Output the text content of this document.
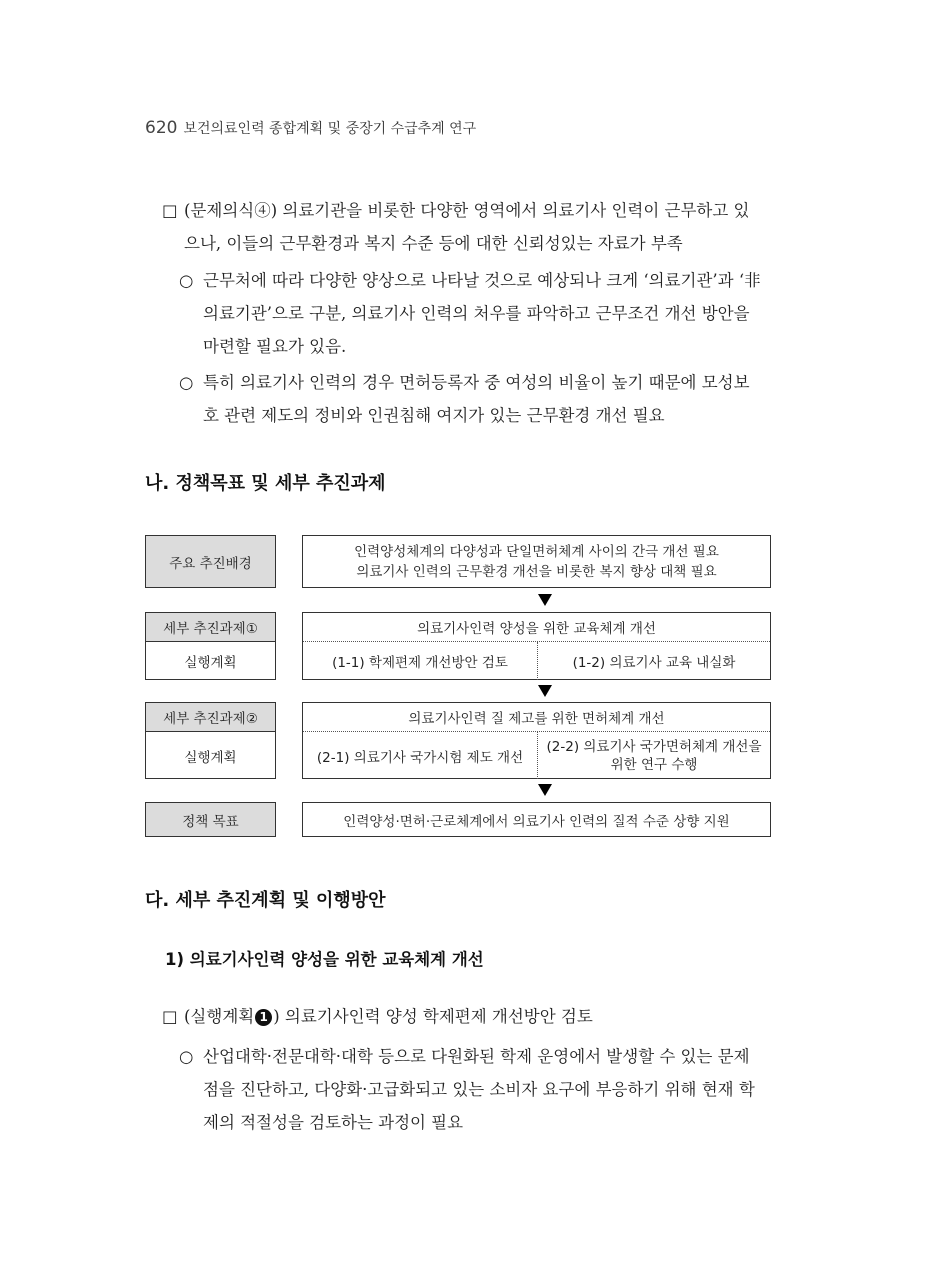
620 보건의료인력 종합계획 및 중장기 수급추계 연구
□ (문제의식④) 의료기관을 비롯한 다양한 영역에서 의료기사 인력이 근무하고 있
으나, 이들의 근무환경과 복지 수준 등에 대한 신뢰성있는 자료가 부족
○ 근무처에 따라 다양한 양상으로 나타날 것으로 예상되나 크게 ‘의료기관’과 ‘非
의료기관’으로 구분, 의료기사 인력의 처우를 파악하고 근무조건 개선 방안을
마련할 필요가 있음.
○ 특히 의료기사 인력의 경우 면허등록자 중 여성의 비율이 높기 때문에 모성보
호 관련 제도의 정비와 인권침해 여지가 있는 근무환경 개선 필요
나. 정책목표 및 세부 추진과제
주요 추진배경
인력양성체계의 다양성과 단일면허체계 사이의 간극 개선 필요
의료기사 인력의 근무환경 개선을 비롯한 복지 향상 대책 필요
세부 추진과제①
실행계획
의료기사인력 양성을 위한 교육체계 개선
(1-1) 학제편제 개선방안 검토	(1-2) 의료기사 교육 내실화
세부 추진과제②
실행계획
의료기사인력 질 제고를 위한 면허체계 개선
(2-1) 의료기사 국가시험 제도 개선
(2-2) 의료기사 국가면허체계 개선을
위한 연구 수행
정책 목표	인력양성·면허·근로체계에서 의료기사 인력의 질적 수준 상향 지원
다. 세부 추진계획 및 이행방안
1) 의료기사인력 양성을 위한 교육체계 개선
□ (실행계획 1 ) 의료기사인력 양성 학제편제 개선방안 검토
○ 산업대학·전문대학·대학 등으로 다원화된 학제 운영에서 발생할 수 있는 문제
점을 진단하고, 다양화·고급화되고 있는 소비자 요구에 부응하기 위해 현재 학
제의 적절성을 검토하는 과정이 필요
